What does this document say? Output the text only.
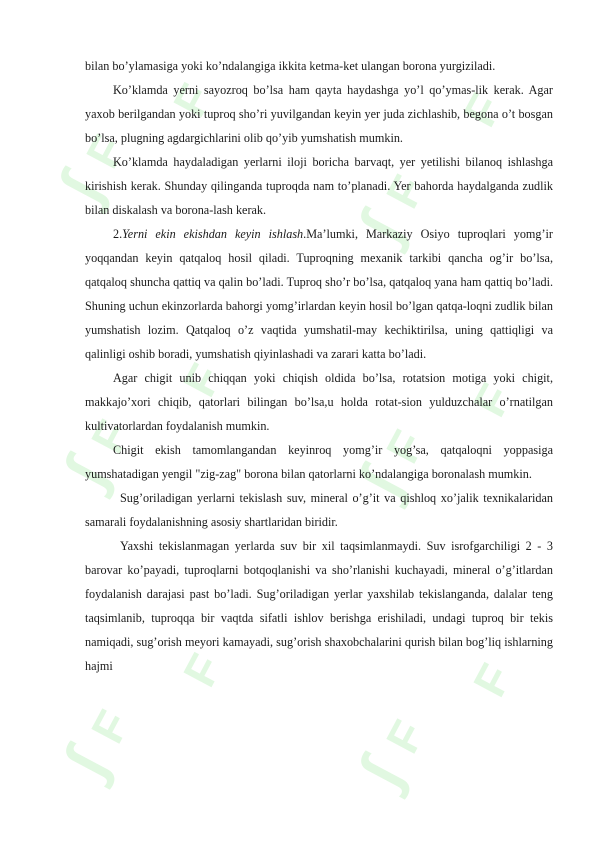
∫
F
F
∫
F
F
∫
F
F
∫
F
F
∫
F
F
∫
F
F

bilan bo’ylamasiga yoki ko’ndalangiga ikkita ketma-ket ulangan borona yurgiziladi.

Ko’klamda yerni sayozroq bo’lsa ham qayta haydashga yo’l qo’ymas-lik kerak. Agar yaxob berilgandan yoki tuproq sho’ri yuvilgandan keyin yer juda zichlashib, begona o’t bosgan bo’lsa, plugning agdargichlarini olib qo’yib yumshatish mumkin.

Ko’klamda haydaladigan yerlarni iloji boricha barvaqt, yer yetilishi bilanoq ishlashga kirishish kerak. Shunday qilinganda tuproqda nam to’planadi. Yer bahorda haydalganda zudlik bilan diskalash va borona-lash kerak.

2.Yerni ekin ekishdan keyin ishlash.Ma’lumki, Markaziy Osiyo tuproqlari yomg’ir yoqqandan keyin qatqaloq hosil qiladi. Tuproqning mexanik tarkibi qancha og’ir bo’lsa, qatqaloq shuncha qattiq va qalin bo’ladi. Tuproq sho’r bo’lsa, qatqaloq yana ham qattiq bo’ladi. Shuning uchun ekinzorlarda bahorgi yomg’irlardan keyin hosil bo’lgan qatqa-loqni zudlik bilan yumshatish lozim. Qatqaloq o’z vaqtida yumshatil-may kechiktirilsa, uning qattiqligi va qalinligi oshib boradi, yumshatish qiyinlashadi va zarari katta bo’ladi.

Agar chigit unib chiqqan yoki chiqish oldida bo’lsa, rotatsion motiga yoki chigit, makkajo’xori chiqib, qatorlari bilingan bo’lsa,u holda rotat-sion yulduzchalar o’rnatilgan kultivatorlardan foydalanish mumkin.

Chigit ekish tamomlangandan keyinroq yomg’ir yog’sa, qatqaloqni yoppasiga yumshatadigan yengil "zig-zag" borona bilan qatorlarni ko’ndalangiga boronalash mumkin.

Sug’oriladigan yerlarni tekislash suv, mineral o’g’it va qishloq xo’jalik texnikalaridan samarali foydalanishning asosiy shartlaridan biridir.

Yaxshi tekislanmagan yerlarda suv bir xil taqsimlanmaydi. Suv isrofgarchiligi 2 - 3 barovar ko’payadi, tuproqlarni botqoqlanishi va sho’rlanishi kuchayadi, mineral o’g’itlardan foydalanish darajasi past bo’ladi. Sug’oriladigan yerlar yaxshilab tekislanganda, dalalar teng taqsimlanib, tuproqqa bir vaqtda sifatli ishlov berishga erishiladi, undagi tuproq bir tekis namiqadi, sug’orish meyori kamayadi, sug’orish shaxobchalarini qurish bilan bog’liq ishlarning hajmi
